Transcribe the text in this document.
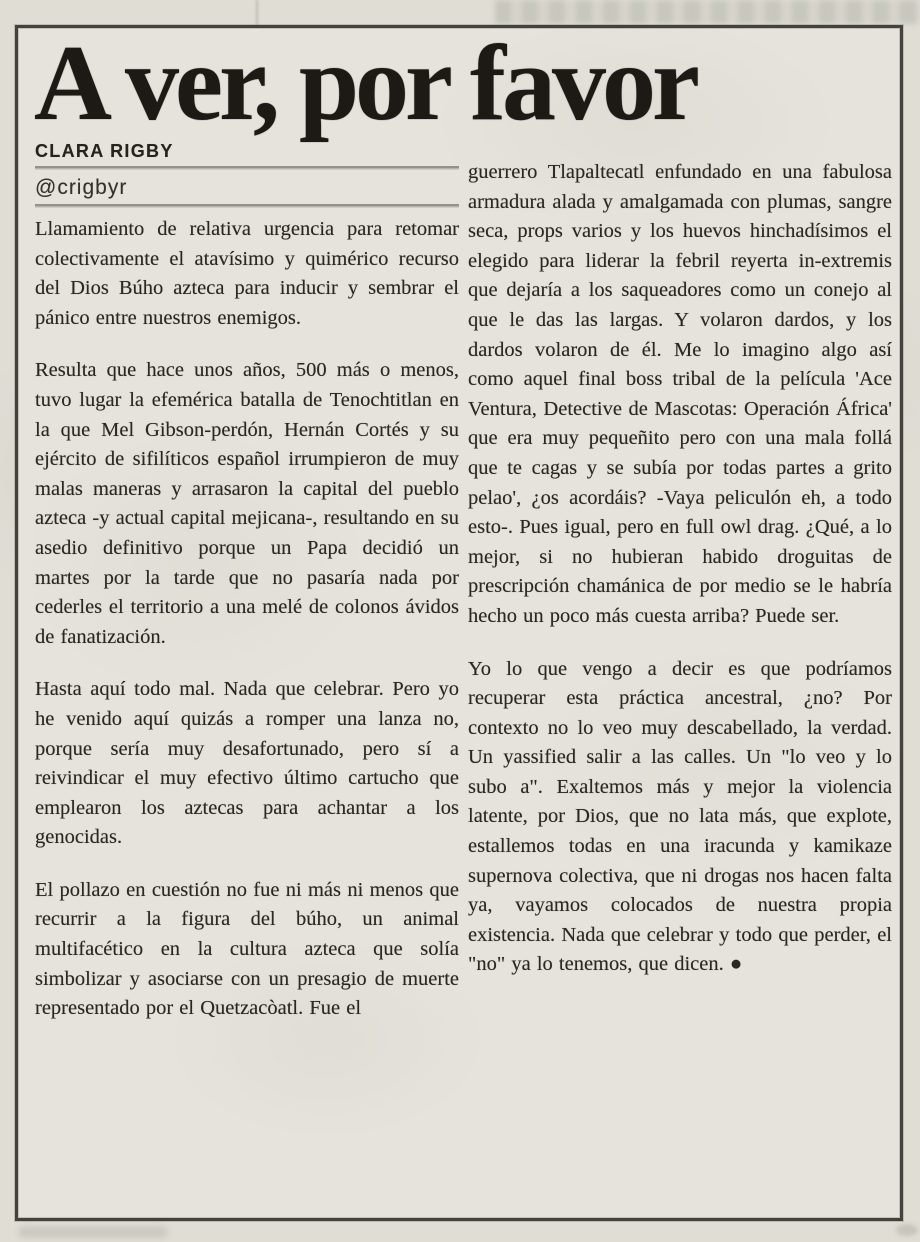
A ver, por favor
CLARA RIGBY
@crigbyr

Llamamiento de relativa urgencia para retomar colectivamente el atavísimo y quimérico recurso del Dios Búho azteca para inducir y sembrar el pánico entre nuestros enemigos.

Resulta que hace unos años, 500 más o menos, tuvo lugar la efemérica batalla de Tenochtitlan en la que Mel Gibson-perdón, Hernán Cortés y su ejército de sifilíticos español irrumpieron de muy malas maneras y arrasaron la capital del pueblo azteca -y actual capital mejicana-, resultando en su asedio definitivo porque un Papa decidió un martes por la tarde que no pasaría nada por cederles el territorio a una melé de colonos ávidos de fanatización.

Hasta aquí todo mal. Nada que celebrar. Pero yo he venido aquí quizás a romper una lanza no, porque sería muy desafortunado, pero sí a reivindicar el muy efectivo último cartucho que emplearon los aztecas para achantar a los genocidas.

El pollazo en cuestión no fue ni más ni menos que recurrir a la figura del búho, un animal multifacético en la cultura azteca que solía simbolizar y asociarse con un presagio de muerte representado por el Quetzacòatl. Fue el

guerrero Tlapaltecatl enfundado en una fabulosa armadura alada y amalgamada con plumas, sangre seca, props varios y los huevos hinchadísimos el elegido para liderar la febril reyerta in-extremis que dejaría a los saqueadores como un conejo al que le das las largas. Y volaron dardos, y los dardos volaron de él. Me lo imagino algo así como aquel final boss tribal de la película 'Ace Ventura, Detective de Mascotas: Operación África' que era muy pequeñito pero con una mala follá que te cagas y se subía por todas partes a grito pelao', ¿os acordáis? -Vaya peliculón eh, a todo esto-. Pues igual, pero en full owl drag. ¿Qué, a lo mejor, si no hubieran habido droguitas de prescripción chamánica de por medio se le habría hecho un poco más cuesta arriba? Puede ser.

Yo lo que vengo a decir es que podríamos recuperar esta práctica ancestral, ¿no? Por contexto no lo veo muy descabellado, la verdad. Un yassified salir a las calles. Un "lo veo y lo subo a". Exaltemos más y mejor la violencia latente, por Dios, que no lata más, que explote, estallemos todas en una iracunda y kamikaze supernova colectiva, que ni drogas nos hacen falta ya, vayamos colocados de nuestra propia existencia. Nada que celebrar y todo que perder, el "no" ya lo tenemos, que dicen. ●
